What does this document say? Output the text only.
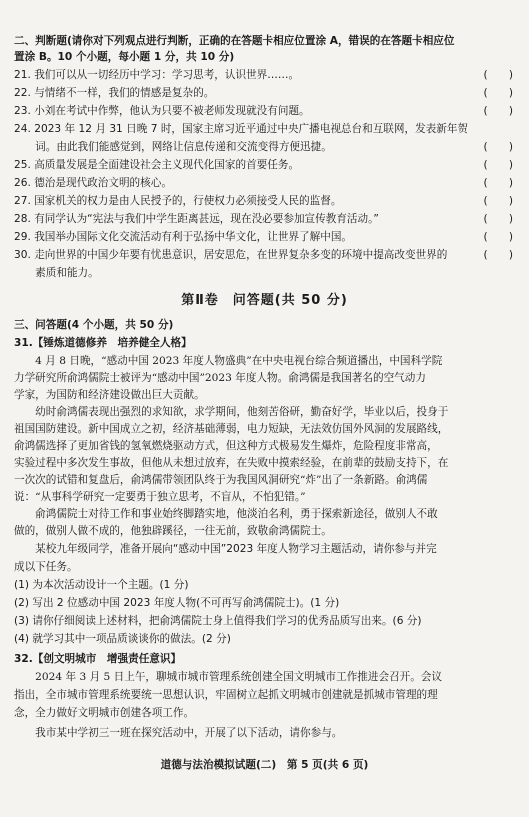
二、判断题(请你对下列观点进行判断，正确的在答题卡相应位置涂 A，错误的在答题卡相应位
置涂 B。10 个小题，每小题 1 分，共 10 分)
21. 我们可以从一切经历中学习：学习思考，认识世界……。	(　　)
22. 与情绪不一样，我们的情感是复杂的。	(　　)
23. 小刘在考试中作弊，他认为只要不被老师发现就没有问题。	(　　)
24. 2023 年 12 月 31 日晚 7 时，国家主席习近平通过中央广播电视总台和互联网，发表新年贺
　　词。由此我们能感觉到，网络让信息传递和交流变得方便迅捷。	(　　)
25. 高质量发展是全面建设社会主义现代化国家的首要任务。	(　　)
26. 德治是现代政治文明的核心。	(　　)
27. 国家机关的权力是由人民授予的，行使权力必须接受人民的监督。	(　　)
28. 有同学认为“宪法与我们中学生距离甚远，现在没必要参加宣传教育活动。”	(　　)
29. 我国举办国际文化交流活动有利于弘扬中华文化，让世界了解中国。	(　　)
30. 走向世界的中国少年要有忧患意识，居安思危，在世界复杂多变的环境中提高改变世界的	(　　)
　　素质和能力。
第Ⅱ卷　问答题(共 50 分)
三、问答题(4 个小题，共 50 分)
31.【锤炼道德修养　培养健全人格】
　　4 月 8 日晚，“感动中国 2023 年度人物盛典”在中央电视台综合频道播出，中国科学院
力学研究所俞鸿儒院士被评为“感动中国”2023 年度人物。俞鸿儒是我国著名的空气动力
学家，为国防和经济建设做出巨大贡献。
　　幼时俞鸿儒表现出强烈的求知欲，求学期间，他刻苦俗研，勤奋好学，毕业以后，投身于
祖国国防建设。新中国成立之初，经济基础薄弱，电力短缺，无法效仿国外风洞的发展路线，
俞鸿儒选择了更加省钱的氢氧燃烧驱动方式，但这种方式极易发生爆炸，危险程度非常高，
实验过程中多次发生事故，但他从未想过放弃，在失败中摸索经验，在前辈的鼓励支持下，在
一次次的试错和复盘后，俞鸿儒带领团队终于为我国风洞研究“炸”出了一条新路。俞鸿儒
说：“从事科学研究一定要勇于独立思考，不盲从，不怕犯错。”
　　俞鸿儒院士对待工作和事业始终脚踏实地，他淡泊名利，勇于探索新途径，做别人不敢
做的，做别人做不成的，他独辟蹊径，一往无前，致敬俞鸿儒院士。
　　某校九年级同学，准备开展向“感动中国”2023 年度人物学习主题活动，请你参与并完
成以下任务。
(1) 为本次活动设计一个主题。(1 分)
(2) 写出 2 位感动中国 2023 年度人物(不可再写俞鸿儒院士)。(1 分)
(3) 请你仔细阅读上述材料，把俞鸿儒院士身上值得我们学习的优秀品质写出来。(6 分)
(4) 就学习其中一项品质谈谈你的做法。(2 分)
32.【创文明城市　增强责任意识】
　　2024 年 3 月 5 日上午，聊城市城市管理系统创建全国文明城市工作推进会召开。会议
指出，全市城市管理系统要统一思想认识，牢固树立起抓文明城市创建就是抓城市管理的理
念，全力做好文明城市创建各项工作。
　　我市某中学初三一班在探究活动中，开展了以下活动，请你参与。
道德与法治模拟试题(二)　第 5 页(共 6 页)
